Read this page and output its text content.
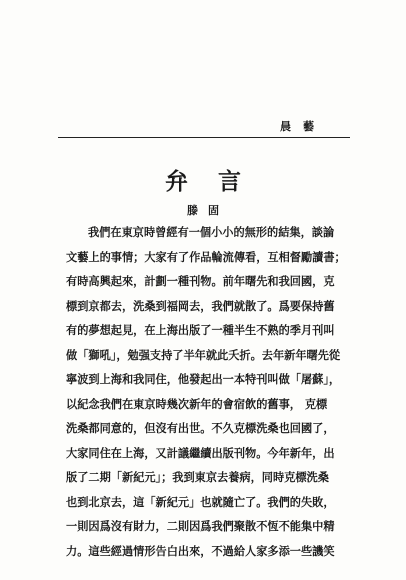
晨藝
弁言
滕固
我們在東京時曾經有一個小小的無形的結集，談論
文藝上的事情；大家有了作品輪流傳看，互相督勵讀書；
有時高興起來，計劃一種刊物。前年曙先和我回國，克
標到京都去，洗桑到福岡去，我們就散了。爲要保持舊
有的夢想起見，在上海出版了一種半生不熟的季月刊叫
做「獅吼」，勉强支持了半年就此夭折。去年新年曙先從
寧波到上海和我同住，他發起出一本特刊叫做「屠蘇」，
以紀念我們在東京時幾次新年的會宿飲的舊事， 克標
洗桑都同意的，但沒有出世。不久克標洗桑也回國了，
大家同住在上海，又計議繼續出版刊物。今年新年，出
版了二期「新紀元」；我到東京去養病，同時克標洗桑
也到北京去，這「新紀元」也就隨亡了。我們的失敗，
一則因爲沒有財力，二則因爲我們聚散不恆不能集中精
力。這些經過情形告白出來，不過給人家多添一些譏笑
